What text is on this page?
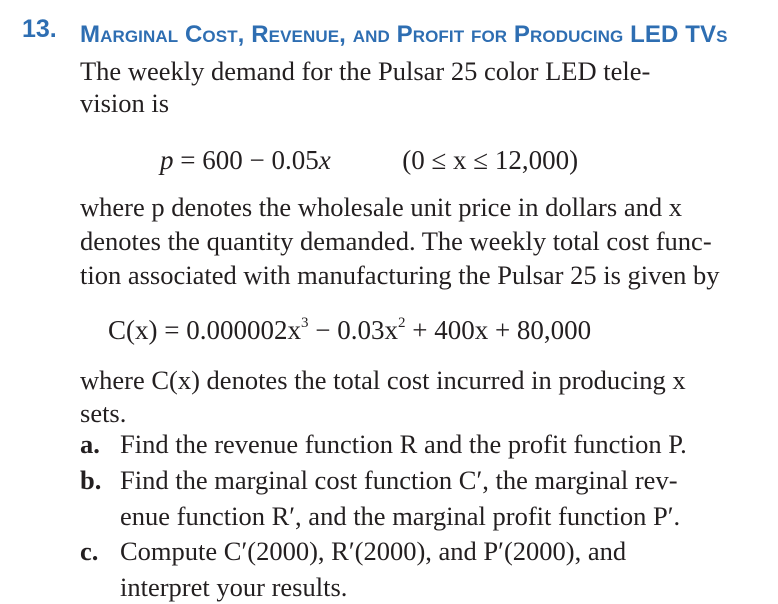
13. Marginal Cost, Revenue, and Profit for Producing LED TVs The weekly demand for the Pulsar 25 color LED tele-

p = 600 − 0.05x	(0 ≤ x ≤ 12,000)

where p denotes the wholesale unit price in dollars and x

denotes the quantity demanded. The weekly total cost func-

tion associated with manufacturing the Pulsar 25 is given by

$C(x) = 0.000002x^3 - 0.03x^2 + 400x + 80,000$

where C(x) denotes the total cost incurred in producing x

sets.

a. Find the revenue function R and the profit function P.

b. Find the marginal cost function C′, the marginal rev-

enue function R′, and the marginal profit function P′.

c. Compute C′(2000), R′(2000), and P′(2000), and

interpret your results.

vision is
